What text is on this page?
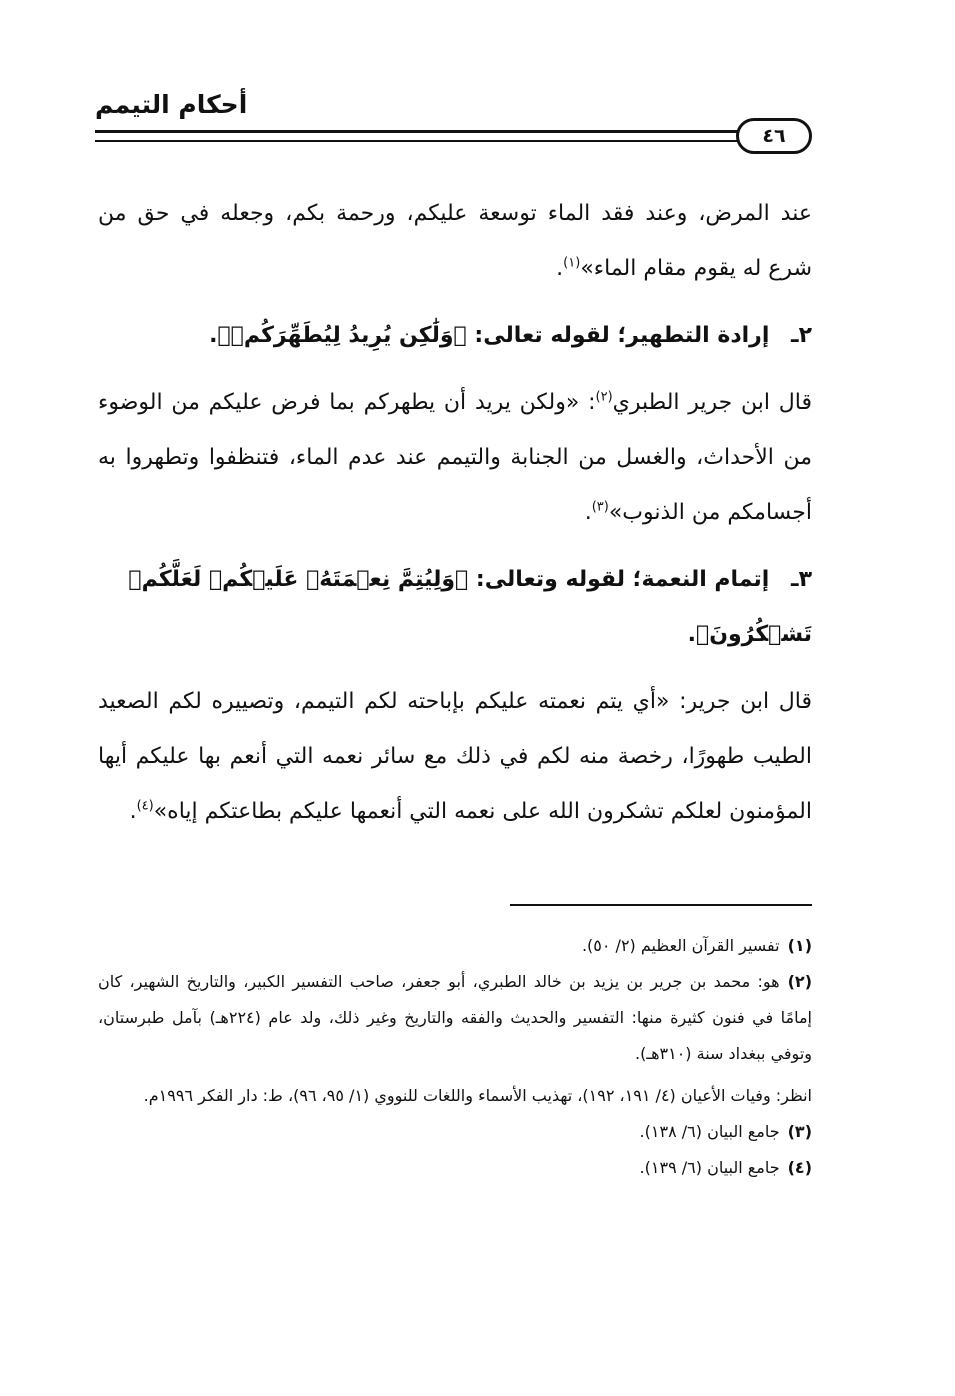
أحكام التيمم
٤٦

عند المرض، وعند فقد الماء توسعة عليكم، ورحمة بكم، وجعله في حق من شرع له يقوم مقام الماء»$^{(١)}$.

٢ـ إرادة التطهير؛ لقوله تعالى: ﴿وَلَٰكِن يُرِيدُ لِيُطَهِّرَكُمۡ﴾.

قال ابن جرير الطبري$^{(٢)}$: «ولكن يريد أن يطهركم بما فرض عليكم من الوضوء من الأحداث، والغسل من الجنابة والتيمم عند عدم الماء، فتنظفوا وتطهروا به أجسامكم من الذنوب»$^{(٣)}$.

٣ـ إتمام النعمة؛ لقوله وتعالى: ﴿وَلِيُتِمَّ نِعۡمَتَهُۥ عَلَيۡكُمۡ لَعَلَّكُمۡ تَشۡكُرُونَ﴾.

قال ابن جرير: «أي يتم نعمته عليكم بإباحته لكم التيمم، وتصييره لكم الصعيد الطيب طهورًا، رخصة منه لكم في ذلك مع سائر نعمه التي أنعم بها عليكم أيها المؤمنون لعلكم تشكرون الله على نعمه التي أنعمها عليكم بطاعتكم إياه»$^{(٤)}$.

(١)تفسير القرآن العظيم (٢/ ٥٠).

(٢)هو: محمد بن جرير بن يزيد بن خالد الطبري، أبو جعفر، صاحب التفسير الكبير، والتاريخ الشهير، كان إمامًا في فنون كثيرة منها: التفسير والحديث والفقه والتاريخ وغير ذلك، ولد عام (٢٢٤هـ) بآمل طبرستان، وتوفي ببغداد سنة (٣١٠هـ).

انظر: وفيات الأعيان (٤/ ١٩١، ١٩٢)، تهذيب الأسماء واللغات للنووي (١/ ٩٥، ٩٦)، ط: دار الفكر ١٩٩٦م.

(٣)جامع البيان (٦/ ١٣٨).

(٤)جامع البيان (٦/ ١٣٩).
